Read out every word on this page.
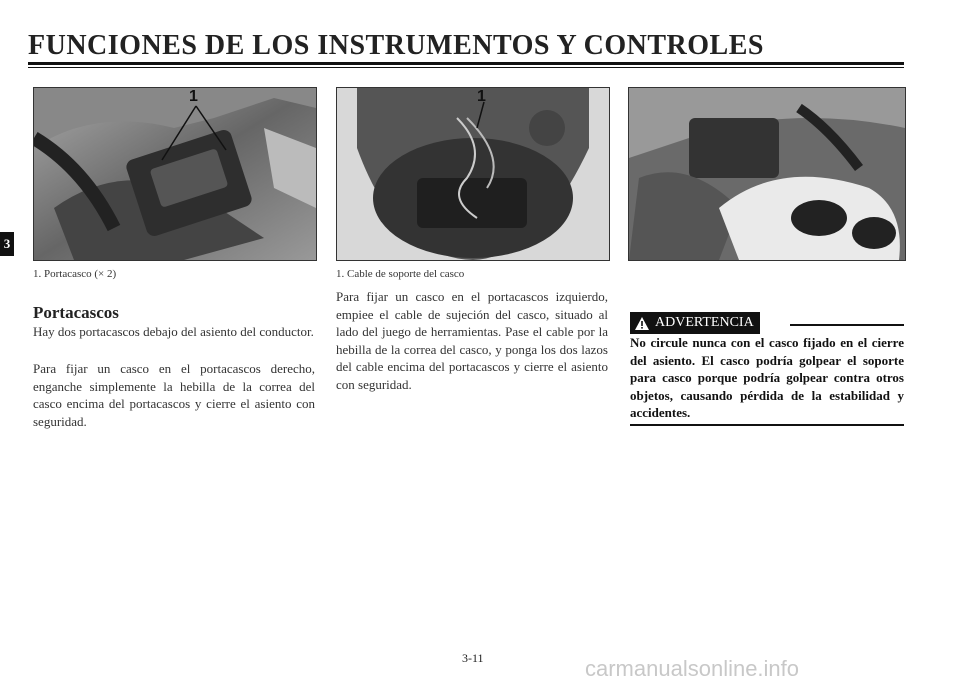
FUNCIONES DE LOS INSTRUMENTOS Y CONTROLES
3
1
1. Portacasco (× 2)
1
1. Cable de soporte del casco
Portacascos

Hay dos portacascos debajo del asiento del conductor.

Para fijar un casco en el portacascos derecho, enganche simplemente la hebilla de la correa del casco encima del portacascos y cierre el asiento con seguridad.

Para fijar un casco en el portacascos izquierdo, empiee el cable de sujeción del casco, situado al lado del juego de herramientas. Pase el cable por la hebilla de la correa del casco, y ponga los dos lazos del cable encima del portacascos y cierre el asiento con seguridad.

ADVERTENCIA

No circule nunca con el casco fijado en el cierre del asiento. El casco podría golpear el soporte para casco porque podría golpear contra otros objetos, causando pérdida de la estabilidad y accidentes.

3-11	carmanualsonline.info
